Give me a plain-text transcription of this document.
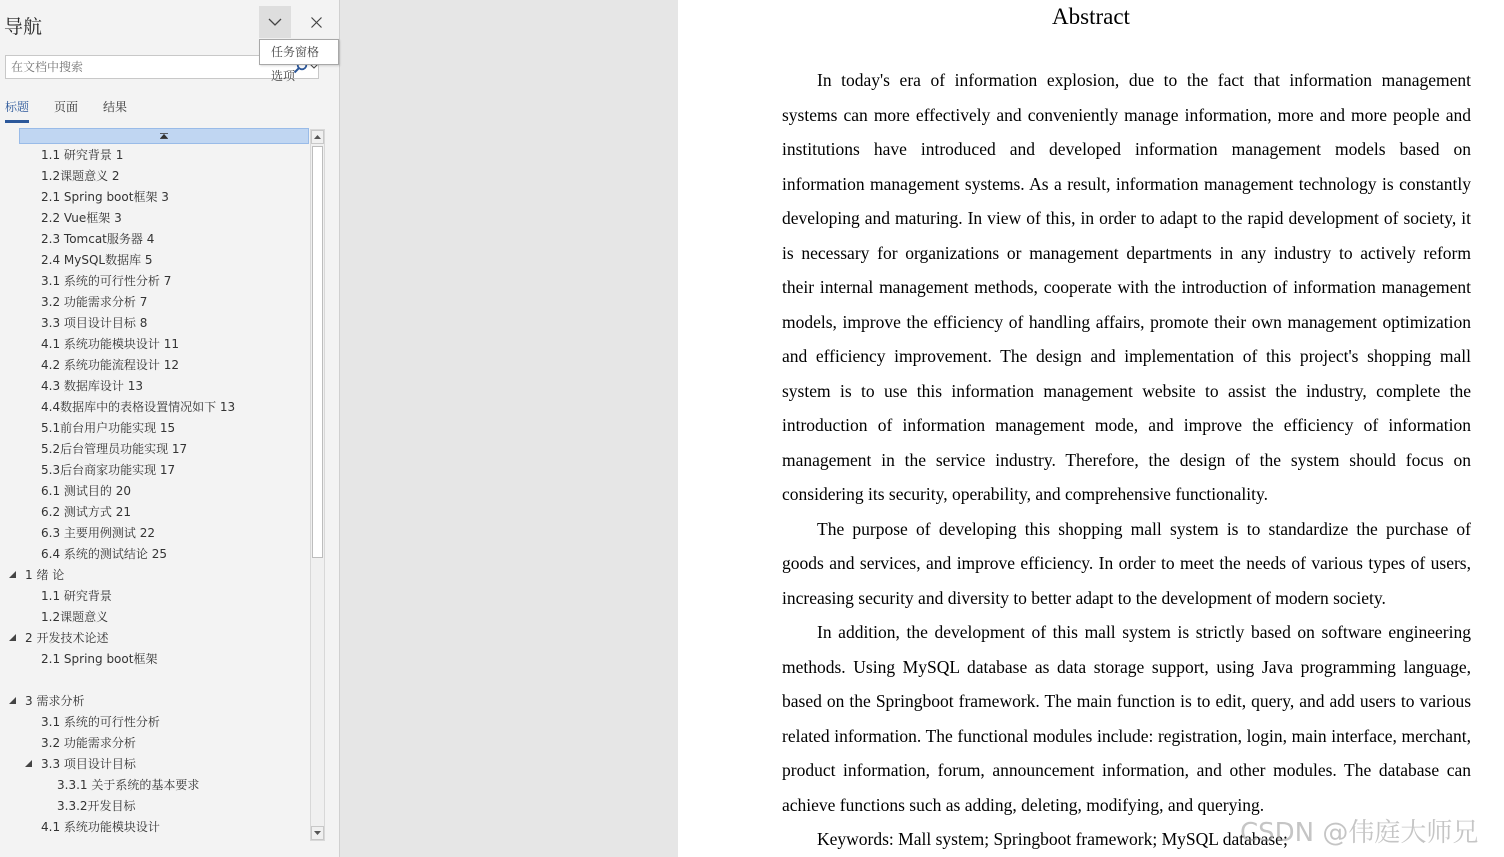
导航
任务窗格选项
在文档中搜索
标题 页面 结果
1.1 研究背景 1
1.2课题意义 2
2.1 Spring boot框架 3
2.2 Vue框架 3
2.3 Tomcat服务器 4
2.4 MySQL数据库 5
3.1 系统的可行性分析 7
3.2 功能需求分析 7
3.3 项目设计目标 8
4.1 系统功能模块设计 11
4.2 系统功能流程设计 12
4.3 数据库设计 13
4.4数据库中的表格设置情况如下 13
5.1前台用户功能实现 15
5.2后台管理员功能实现 17
5.3后台商家功能实现 17
6.1 测试目的 20
6.2 测试方式 21
6.3 主要用例测试 22
6.4 系统的测试结论 25
1 绪 论
1.1 研究背景
1.2课题意义
2 开发技术论述
2.1 Spring boot框架
3 需求分析
3.1 系统的可行性分析
3.2 功能需求分析
3.3 项目设计目标
3.3.1 关于系统的基本要求
3.3.2开发目标
4.1 系统功能模块设计
Abstract
In today's era of information explosion, due to the fact that information management
systems can more effectively and conveniently manage information, more and more people and
institutions have introduced and developed information management models based on
information management systems. As a result, information management technology is constantly
developing and maturing. In view of this, in order to adapt to the rapid development of society, it
is necessary for organizations or management departments in any industry to actively reform
their internal management methods, cooperate with the introduction of information management
models, improve the efficiency of handling affairs, promote their own management optimization
and efficiency improvement. The design and implementation of this project's shopping mall
system is to use this information management website to assist the industry, complete the
introduction of information management mode, and improve the efficiency of information
management in the service industry. Therefore, the design of the system should focus on
considering its security, operability, and comprehensive functionality.
The purpose of developing this shopping mall system is to standardize the purchase of
goods and services, and improve efficiency. In order to meet the needs of various types of users,
increasing security and diversity to better adapt to the development of modern society.
In addition, the development of this mall system is strictly based on software engineering
methods. Using MySQL database as data storage support, using Java programming language,
based on the Springboot framework. The main function is to edit, query, and add users to various
related information. The functional modules include: registration, login, main interface, merchant,
product information, forum, announcement information, and other modules. The database can
achieve functions such as adding, deleting, modifying, and querying.
Keywords: Mall system; Springboot framework; MySQL database;
CSDN @伟庭大师兄
